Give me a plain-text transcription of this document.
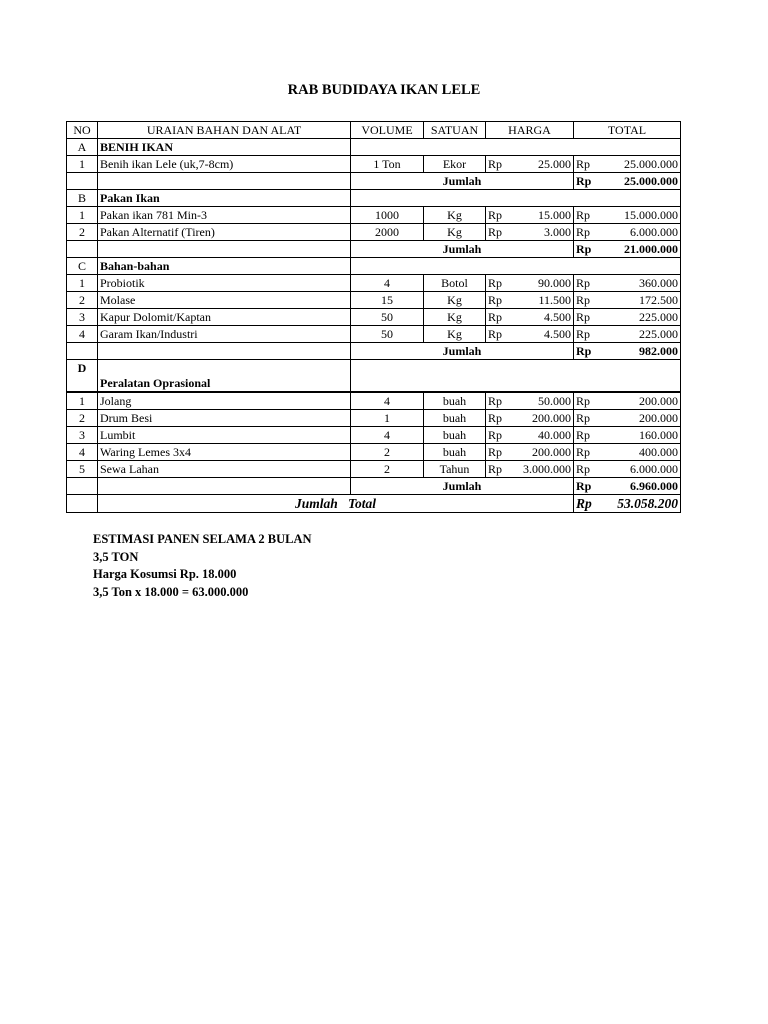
RAB BUDIDAYA IKAN LELE
NO	URAIAN BAHAN DAN ALAT	VOLUME	SATUAN	HARGA		TOTAL	
A	BENIH IKAN						
1	Benih ikan Lele (uk,7-8cm)	1 Ton	Ekor	Rp	25.000	Rp	25.000.000
		Jumlah				Rp	25.000.000
B	Pakan Ikan						
1	Pakan ikan 781 Min-3	1000	Kg	Rp	15.000	Rp	15.000.000
2	Pakan Alternatif (Tiren)	2000	Kg	Rp	3.000	Rp	6.000.000
		Jumlah				Rp	21.000.000
C	Bahan-bahan						
1	Probiotik	4	Botol	Rp	90.000	Rp	360.000
2	Molase	15	Kg	Rp	11.500	Rp	172.500
3	Kapur Dolomit/Kaptan	50	Kg	Rp	4.500	Rp	225.000
4	Garam Ikan/Industri	50	Kg	Rp	4.500	Rp	225.000
		Jumlah				Rp	982.000
D	Peralatan Oprasional						
1	Jolang	4	buah	Rp	50.000	Rp	200.000
2	Drum Besi	1	buah	Rp	200.000	Rp	200.000
3	Lumbit	4	buah	Rp	40.000	Rp	160.000
4	Waring Lemes 3x4	2	buah	Rp	200.000	Rp	400.000
5	Sewa Lahan	2	Tahun	Rp	3.000.000	Rp	6.000.000
		Jumlah				Rp	6.960.000
	Jumlah   Total					Rp	53.058.200
ESTIMASI PANEN SELAMA 2 BULAN
3,5 TON
Harga Kosumsi Rp. 18.000
3,5 Ton x 18.000 = 63.000.000
